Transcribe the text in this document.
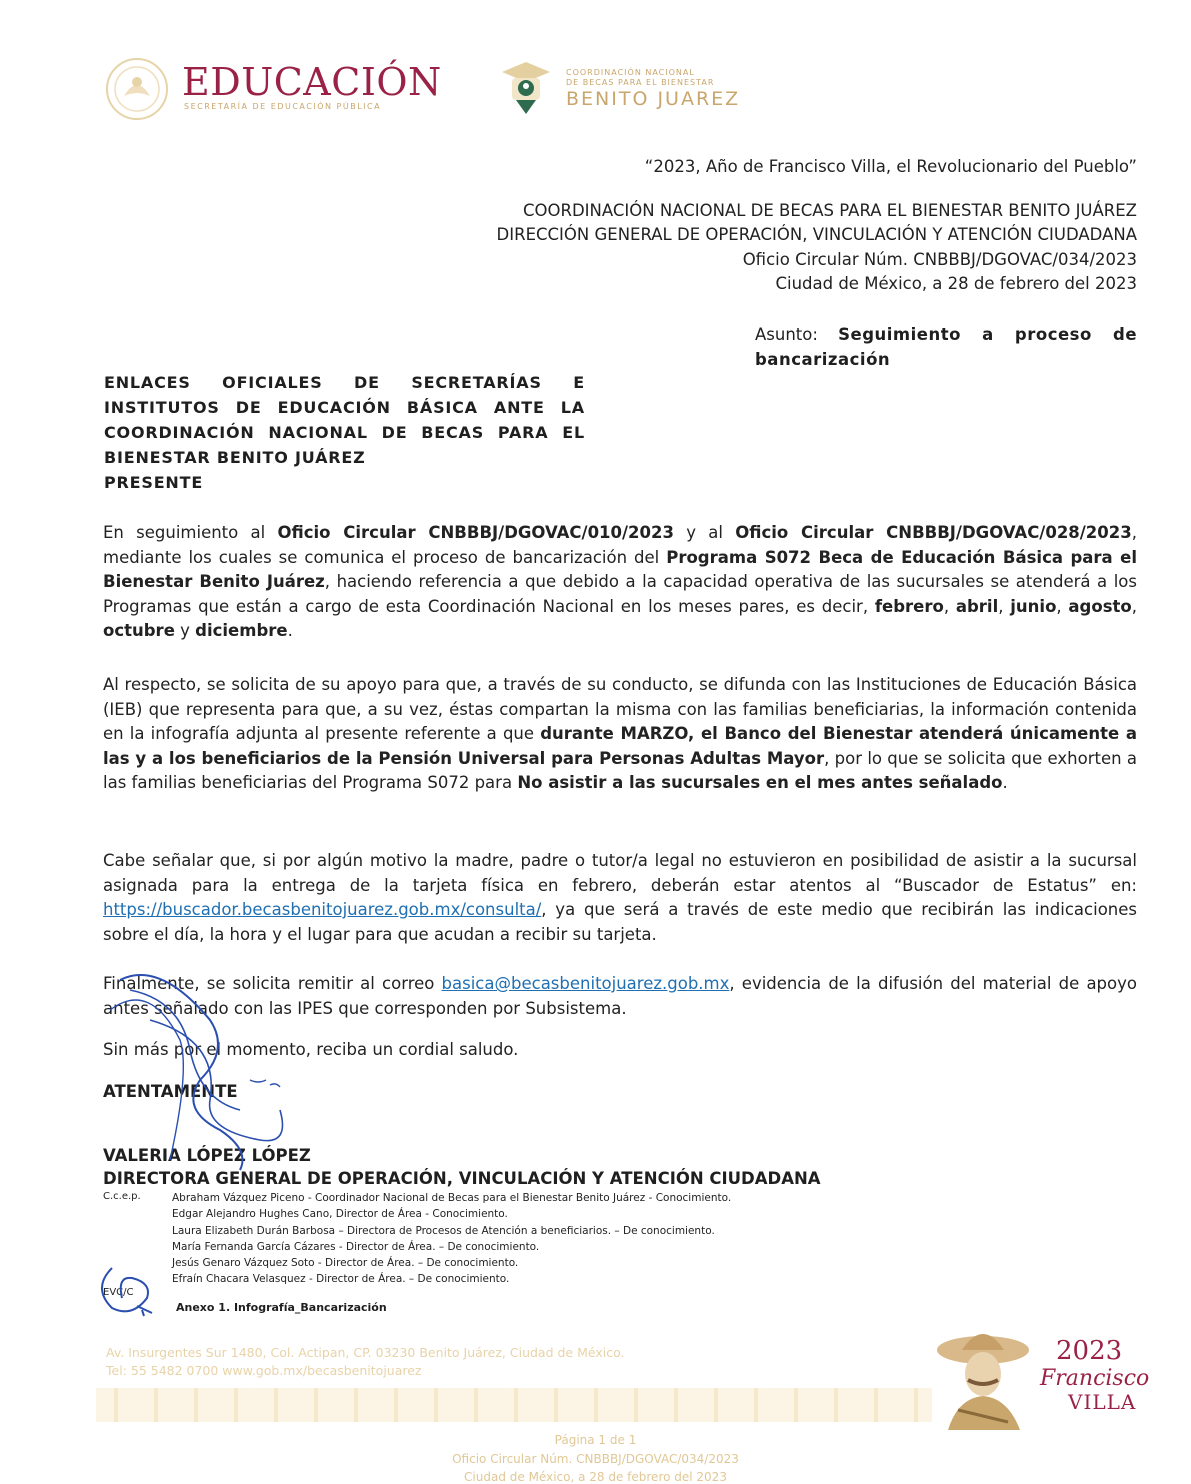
EDUCACIÓN
SECRETARÍA DE EDUCACIÓN PÚBLICA
COORDINACIÓN NACIONAL
DE BECAS PARA EL BIENESTAR
BENITO JUAREZ
“2023, Año de Francisco Villa, el Revolucionario del Pueblo”
COORDINACIÓN NACIONAL DE BECAS PARA EL BIENESTAR BENITO JUÁREZ
DIRECCIÓN GENERAL DE OPERACIÓN, VINCULACIÓN Y ATENCIÓN CIUDADANA
Oficio Circular Núm. CNBBBJ/DGOVAC/034/2023
Ciudad de México, a 28 de febrero del 2023
Asunto: Seguimiento a proceso de bancarización
ENLACES OFICIALES DE SECRETARÍAS E
INSTITUTOS DE EDUCACIÓN BÁSICA ANTE LA
COORDINACIÓN NACIONAL DE BECAS PARA EL
BIENESTAR BENITO JUÁREZ
PRESENTE
En seguimiento al Oficio Circular CNBBBJ/DGOVAC/010/2023 y al Oficio Circular CNBBBJ/DGOVAC/028/2023, mediante los cuales se comunica el proceso de bancarización del Programa S072 Beca de Educación Básica para el Bienestar Benito Juárez, haciendo referencia a que debido a la capacidad operativa de las sucursales se atenderá a los Programas que están a cargo de esta Coordinación Nacional en los meses pares, es decir, febrero, abril, junio, agosto, octubre y diciembre.
Al respecto, se solicita de su apoyo para que, a través de su conducto, se difunda con las Instituciones de Educación Básica (IEB) que representa para que, a su vez, éstas compartan la misma con las familias beneficiarias, la información contenida en la infografía adjunta al presente referente a que durante MARZO, el Banco del Bienestar atenderá únicamente a las y a los beneficiarios de la Pensión Universal para Personas Adultas Mayor, por lo que se solicita que exhorten a las familias beneficiarias del Programa S072 para No asistir a las sucursales en el mes antes señalado.
Cabe señalar que, si por algún motivo la madre, padre o tutor/a legal no estuvieron en posibilidad de asistir a la sucursal asignada para la entrega de la tarjeta física en febrero, deberán estar atentos al “Buscador de Estatus” en: https://buscador.becasbenitojuarez.gob.mx/consulta/, ya que será a través de este medio que recibirán las indicaciones sobre el día, la hora y el lugar para que acudan a recibir su tarjeta.
Finalmente, se solicita remitir al correo basica@becasbenitojuarez.gob.mx, evidencia de la difusión del material de apoyo antes señalado con las IPES que corresponden por Subsistema.
Sin más por el momento, reciba un cordial saludo.
ATENTAMENTE
VALERIA LÓPEZ LÓPEZ
DIRECTORA GENERAL DE OPERACIÓN, VINCULACIÓN Y ATENCIÓN CIUDADANA
C.c.e.p.	Abraham Vázquez Piceno - Coordinador Nacional de Becas para el Bienestar Benito Juárez - Conocimiento.
Edgar Alejandro Hughes Cano, Director de Área - Conocimiento.
Laura Elizabeth Durán Barbosa – Directora de Procesos de Atención a beneficiarios. – De conocimiento.
María Fernanda García Cázares - Director de Área. – De conocimiento.
Jesús Genaro Vázquez Soto - Director de Área. – De conocimiento.
Efraín Chacara Velasquez - Director de Área. – De conocimiento.
EVC/C
Anexo 1. Infografía_Bancarización
Av. Insurgentes Sur 1480, Col. Actipan, CP. 03230 Benito Juárez, Ciudad de México.
Tel: 55 5482 0700 www.gob.mx/becasbenitojuarez
2023
Francisco
VILLA
Página 1 de 1
Oficio Circular Núm. CNBBBJ/DGOVAC/034/2023
Ciudad de México, a 28 de febrero del 2023
